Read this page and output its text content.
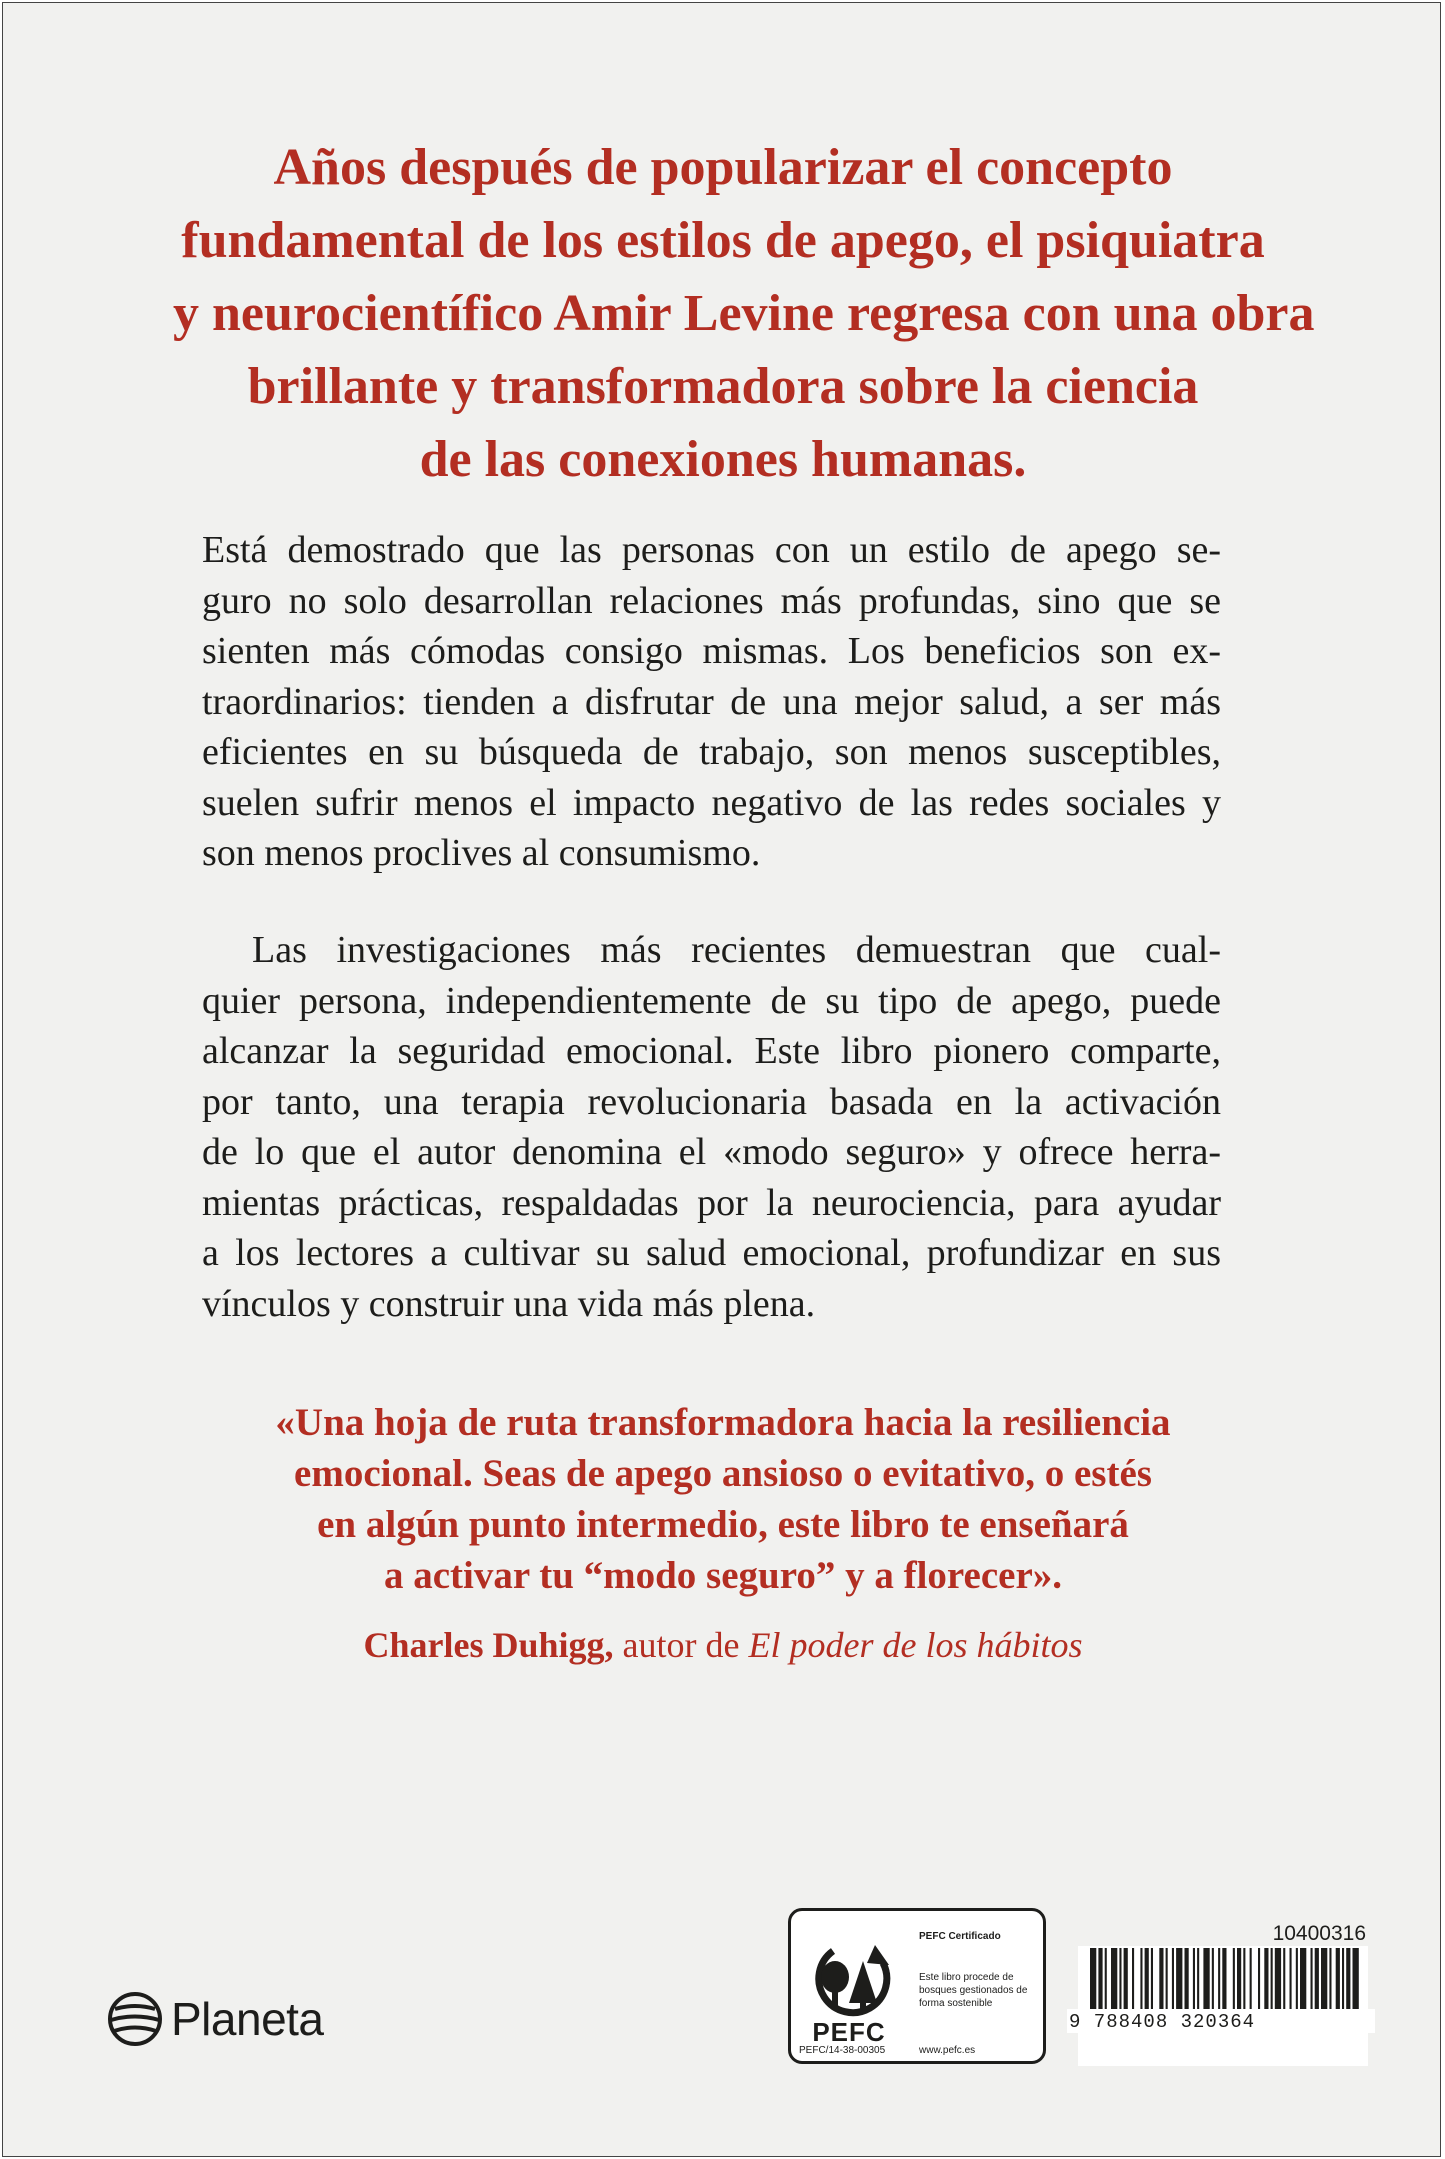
Años después de popularizar el concepto
fundamental de los estilos de apego, el psiquiatra
y neurocientífico Amir Levine regresa con una obra
brillante y transformadora sobre la ciencia
de las conexiones humanas.
Está demostrado que las personas con un estilo de apego se-
guro no solo desarrollan relaciones más profundas, sino que se
sienten más cómodas consigo mismas. Los beneficios son ex-
traordinarios: tienden a disfrutar de una mejor salud, a ser más
eficientes en su búsqueda de trabajo, son menos susceptibles,
suelen sufrir menos el impacto negativo de las redes sociales y
son menos proclives al consumismo.
Las investigaciones más recientes demuestran que cual-
quier persona, independientemente de su tipo de apego, puede
alcanzar la seguridad emocional. Este libro pionero comparte,
por tanto, una terapia revolucionaria basada en la activación
de lo que el autor denomina el «modo seguro» y ofrece herra-
mientas prácticas, respaldadas por la neurociencia, para ayudar
a los lectores a cultivar su salud emocional, profundizar en sus
vínculos y construir una vida más plena.
«Una hoja de ruta transformadora hacia la resiliencia
emocional. Seas de apego ansioso o evitativo, o estés
en algún punto intermedio, este libro te enseñará
a activar tu “modo seguro” y a florecer».
Charles Duhigg, autor de El poder de los hábitos
Planeta	PEFC
PEFC/14-38-00305
PEFC Certificado
Este libro procede de bosques gestionados de forma sostenible
www.pefc.es
10400316
9 788408 320364
